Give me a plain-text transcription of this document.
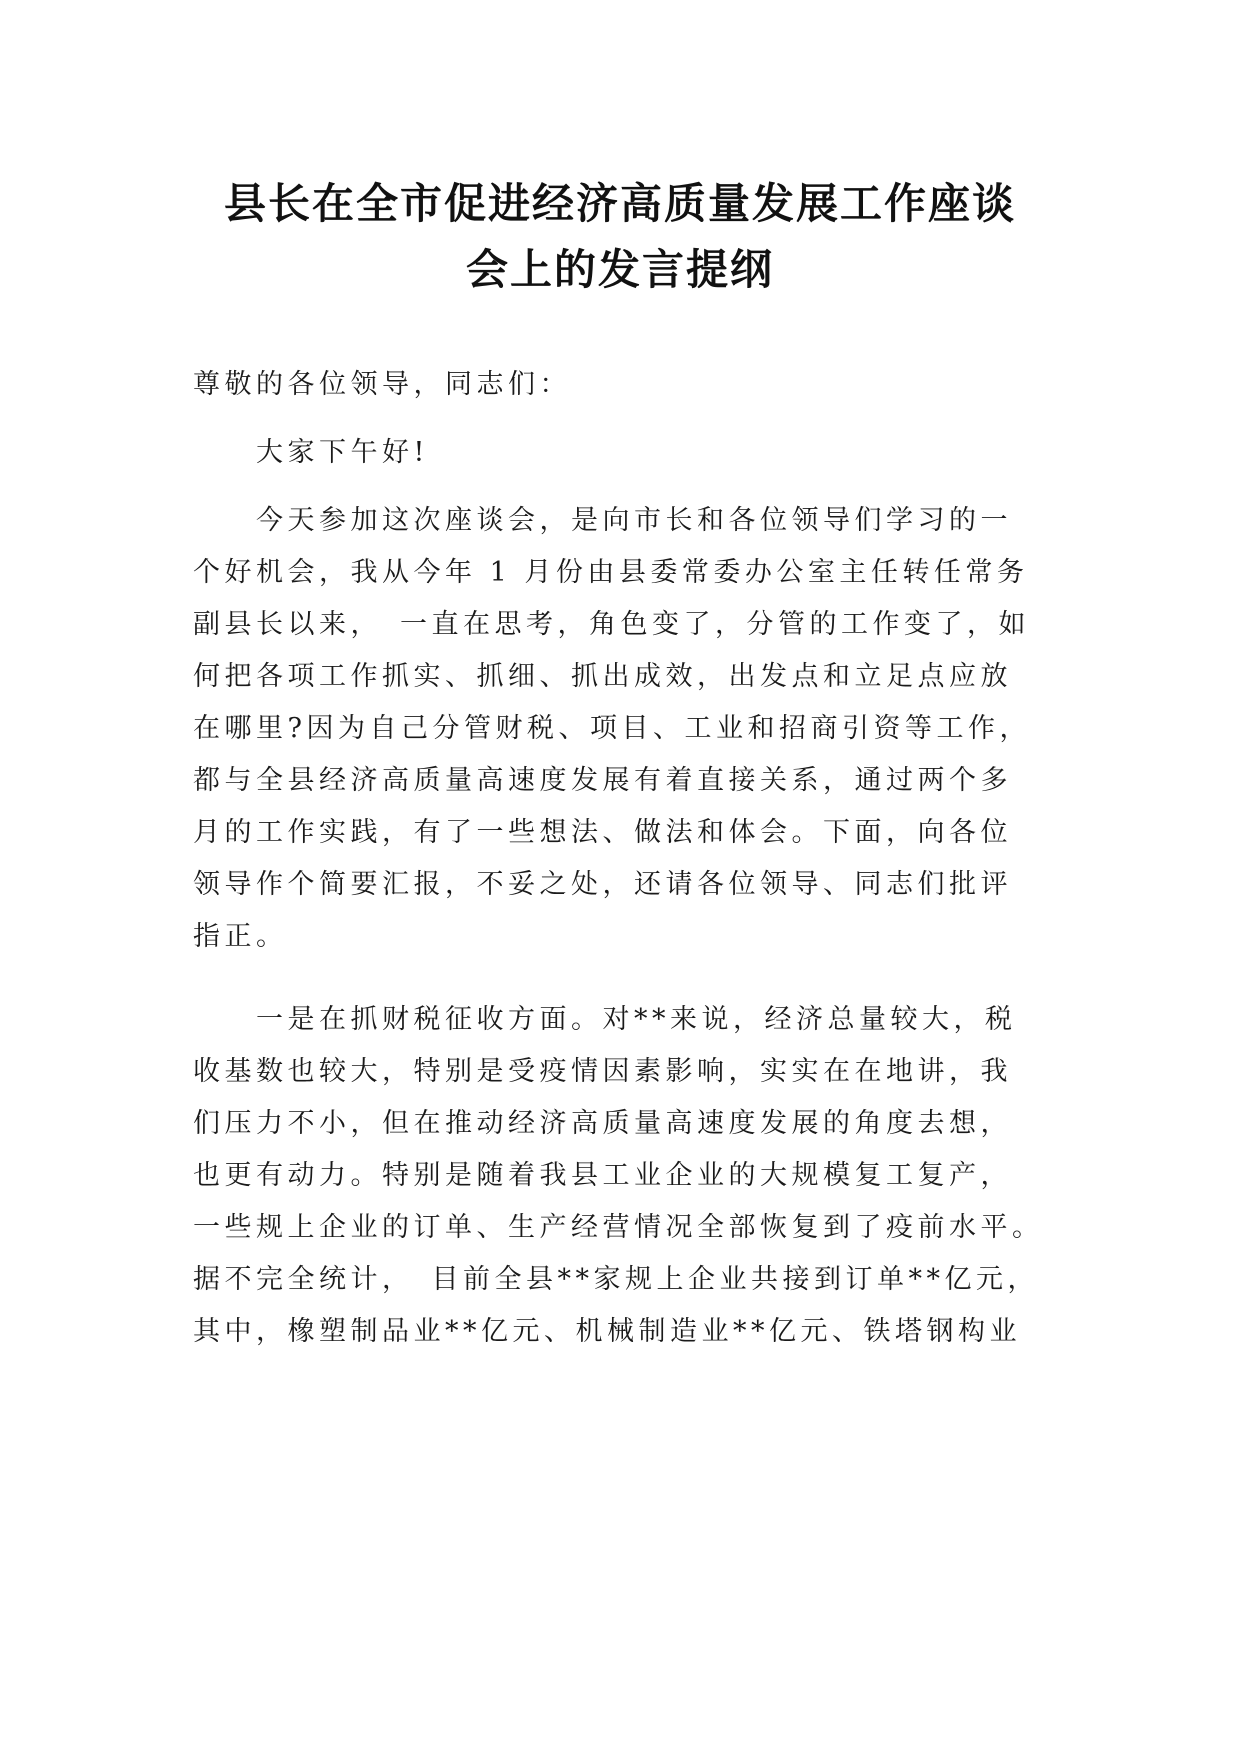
县长在全市促进经济高质量发展工作座谈
会上的发言提纲
尊敬的各位领导，同志们：
　　大家下午好!
　　今天参加这次座谈会，是向市长和各位领导们学习的一
个好机会，我从今年 1 月份由县委常委办公室主任转任常务
副县长以来，　一直在思考，角色变了，分管的工作变了，如
何把各项工作抓实、抓细、抓出成效，出发点和立足点应放
在哪里?因为自己分管财税、项目、工业和招商引资等工作，
都与全县经济高质量高速度发展有着直接关系，通过两个多
月的工作实践，有了一些想法、做法和体会。下面，向各位
领导作个简要汇报，不妥之处，还请各位领导、同志们批评
指正。
　　一是在抓财税征收方面。对**来说，经济总量较大，税
收基数也较大，特别是受疫情因素影响，实实在在地讲，我
们压力不小，但在推动经济高质量高速度发展的角度去想，
也更有动力。特别是随着我县工业企业的大规模复工复产，
一些规上企业的订单、生产经营情况全部恢复到了疫前水平。
据不完全统计，　目前全县**家规上企业共接到订单**亿元，
其中，橡塑制品业**亿元、机械制造业**亿元、铁塔钢构业
